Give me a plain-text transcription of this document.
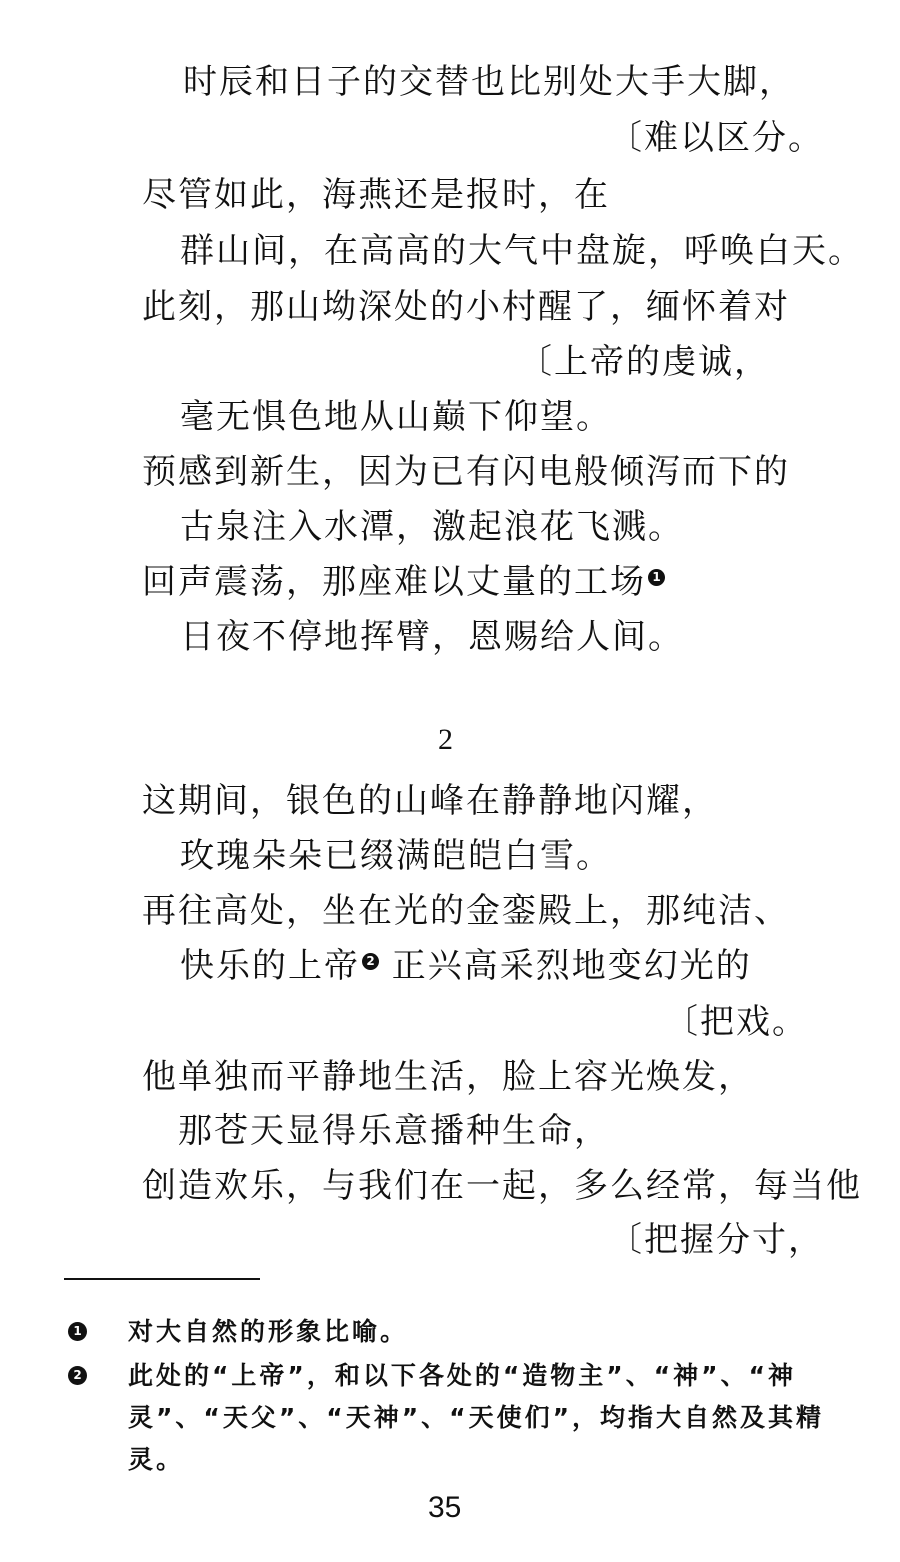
时辰和日子的交替也比别处大手大脚，
〔难以区分。
尽管如此，海燕还是报时，在
群山间，在高高的大气中盘旋，呼唤白天。
此刻，那山坳深处的小村醒了，缅怀着对
〔上帝的虔诚，
毫无惧色地从山巅下仰望。
预感到新生，因为已有闪电般倾泻而下的
古泉注入水潭，激起浪花飞溅。
回声震荡，那座难以丈量的工场 1
日夜不停地挥臂，恩赐给人间。
2
这期间，银色的山峰在静静地闪耀，
玫瑰朵朵已缀满皑皑白雪。
再往高处，坐在光的金銮殿上，那纯洁、
快乐的上帝 2 正兴高采烈地变幻光的
〔把戏。
他单独而平静地生活，脸上容光焕发，
那苍天显得乐意播种生命，
创造欢乐，与我们在一起，多么经常，每当他
〔把握分寸，
1 对大自然的形象比喻。
2 此处的“上帝”，和以下各处的“造物主”、“神”、“神
灵”、“天父”、“天神”、“天使们”，均指大自然及其精
灵。
35
